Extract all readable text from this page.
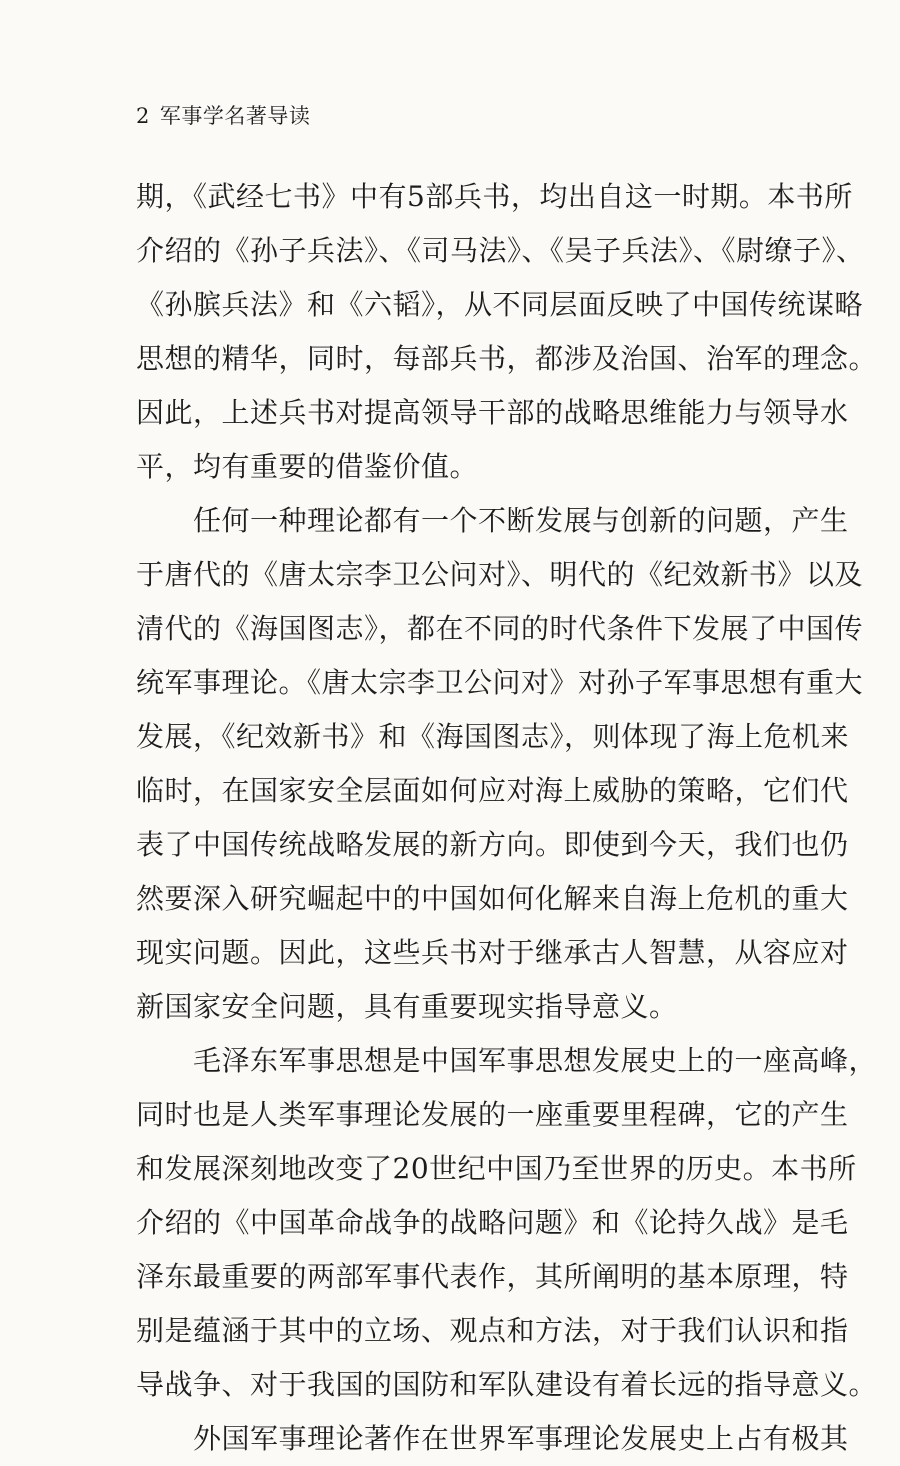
2 军事学名著导读
期，《武经七书》中有5部兵书，均出自这一时期。本书所
介绍的《孙子兵法》、《司马法》、《吴子兵法》、《尉缭子》、
《孙膑兵法》和《六韬》，从不同层面反映了中国传统谋略
思想的精华，同时，每部兵书，都涉及治国、治军的理念。
因此，上述兵书对提高领导干部的战略思维能力与领导水
平，均有重要的借鉴价值。
任何一种理论都有一个不断发展与创新的问题，产生
于唐代的《唐太宗李卫公问对》、明代的《纪效新书》以及
清代的《海国图志》，都在不同的时代条件下发展了中国传
统军事理论。《唐太宗李卫公问对》对孙子军事思想有重大
发展，《纪效新书》和《海国图志》，则体现了海上危机来
临时，在国家安全层面如何应对海上威胁的策略，它们代
表了中国传统战略发展的新方向。即使到今天，我们也仍
然要深入研究崛起中的中国如何化解来自海上危机的重大
现实问题。因此，这些兵书对于继承古人智慧，从容应对
新国家安全问题，具有重要现实指导意义。
毛泽东军事思想是中国军事思想发展史上的一座高峰，
同时也是人类军事理论发展的一座重要里程碑，它的产生
和发展深刻地改变了20世纪中国乃至世界的历史。本书所
介绍的《中国革命战争的战略问题》和《论持久战》是毛
泽东最重要的两部军事代表作，其所阐明的基本原理，特
别是蕴涵于其中的立场、观点和方法，对于我们认识和指
导战争、对于我国的国防和军队建设有着长远的指导意义。
外国军事理论著作在世界军事理论发展史上占有极其
